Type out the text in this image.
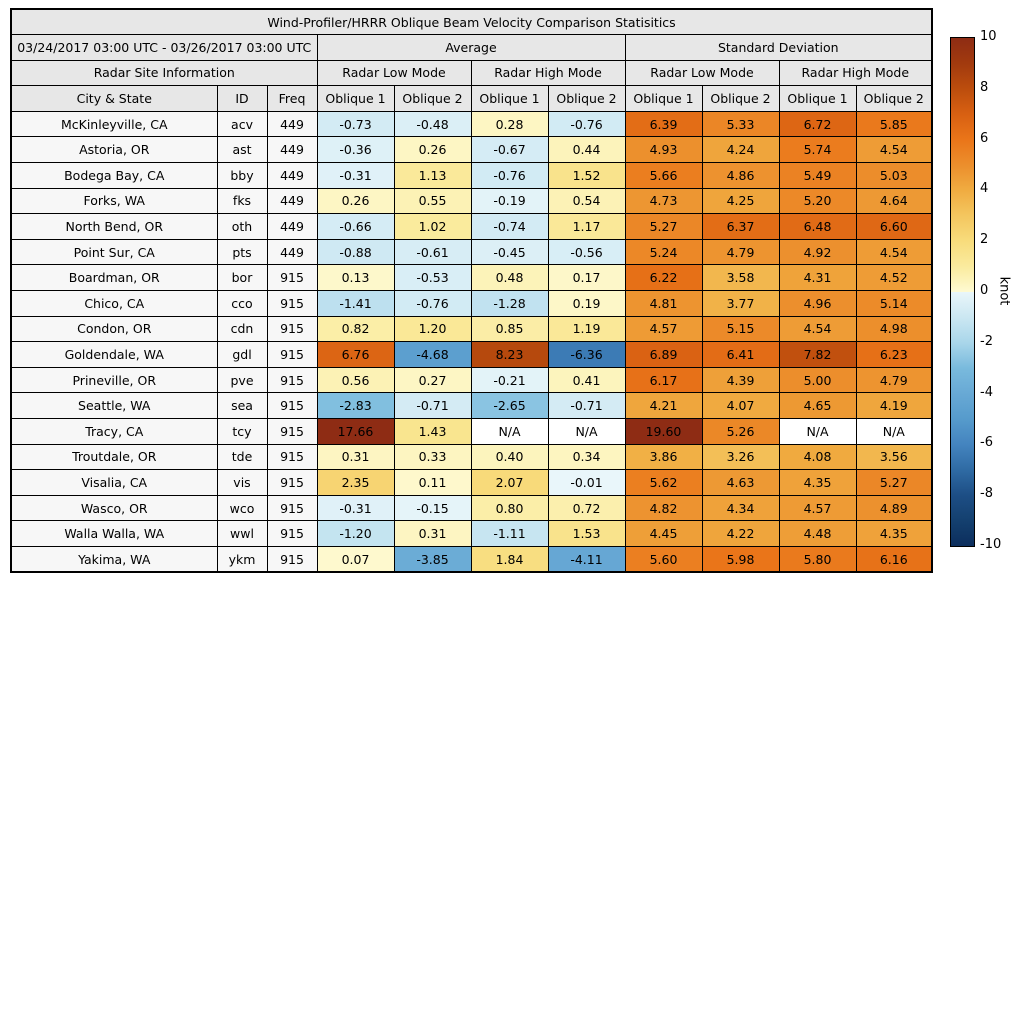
Wind-Profiler/HRRR Oblique Beam Velocity Comparison Statisitics										
03/24/2017 03:00 UTC - 03/26/2017 03:00 UTC			Average				Standard Deviation			
Radar Site Information			Radar Low Mode		Radar High Mode		Radar Low Mode		Radar High Mode	
City & State	ID	Freq	Oblique 1	Oblique 2	Oblique 1	Oblique 2	Oblique 1	Oblique 2	Oblique 1	Oblique 2
McKinleyville, CA	acv	449	-0.73	-0.48	0.28	-0.76	6.39	5.33	6.72	5.85
Astoria, OR	ast	449	-0.36	0.26	-0.67	0.44	4.93	4.24	5.74	4.54
Bodega Bay, CA	bby	449	-0.31	1.13	-0.76	1.52	5.66	4.86	5.49	5.03
Forks, WA	fks	449	0.26	0.55	-0.19	0.54	4.73	4.25	5.20	4.64
North Bend, OR	oth	449	-0.66	1.02	-0.74	1.17	5.27	6.37	6.48	6.60
Point Sur, CA	pts	449	-0.88	-0.61	-0.45	-0.56	5.24	4.79	4.92	4.54
Boardman, OR	bor	915	0.13	-0.53	0.48	0.17	6.22	3.58	4.31	4.52
Chico, CA	cco	915	-1.41	-0.76	-1.28	0.19	4.81	3.77	4.96	5.14
Condon, OR	cdn	915	0.82	1.20	0.85	1.19	4.57	5.15	4.54	4.98
Goldendale, WA	gdl	915	6.76	-4.68	8.23	-6.36	6.89	6.41	7.82	6.23
Prineville, OR	pve	915	0.56	0.27	-0.21	0.41	6.17	4.39	5.00	4.79
Seattle, WA	sea	915	-2.83	-0.71	-2.65	-0.71	4.21	4.07	4.65	4.19
Tracy, CA	tcy	915	17.66	1.43	N/A	N/A	19.60	5.26	N/A	N/A
Troutdale, OR	tde	915	0.31	0.33	0.40	0.34	3.86	3.26	4.08	3.56
Visalia, CA	vis	915	2.35	0.11	2.07	-0.01	5.62	4.63	4.35	5.27
Wasco, OR	wco	915	-0.31	-0.15	0.80	0.72	4.82	4.34	4.57	4.89
Walla Walla, WA	wwl	915	-1.20	0.31	-1.11	1.53	4.45	4.22	4.48	4.35
Yakima, WA	ykm	915	0.07	-3.85	1.84	-4.11	5.60	5.98	5.80	6.16
10
8
6
4
2
0
-2
-4
-6
-8
-10
knot
